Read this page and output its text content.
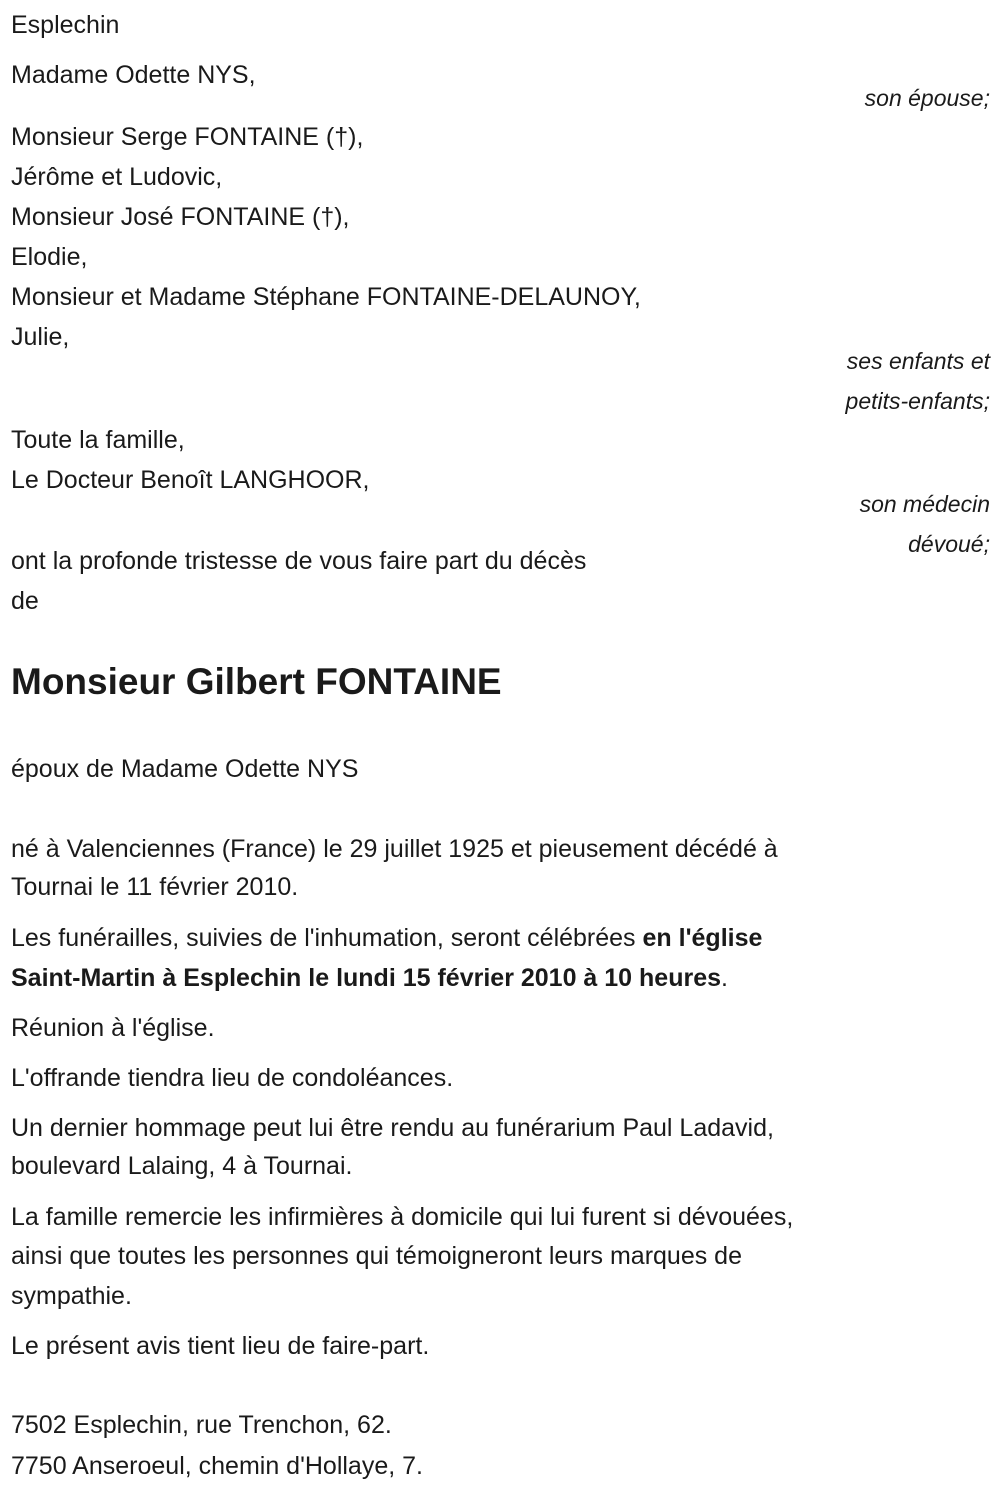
Esplechin
Madame Odette NYS,
son épouse;
Monsieur Serge FONTAINE (†),
Jérôme et Ludovic,
Monsieur José FONTAINE (†),
Elodie,
Monsieur et Madame Stéphane FONTAINE-DELAUNOY,
Julie,
ses enfants et
petits-enfants;
Toute la famille,
Le Docteur Benoît LANGHOOR,
son médecin
dévoué;
ont la profonde tristesse de vous faire part du décès
de
Monsieur Gilbert FONTAINE
époux de Madame Odette NYS
né à Valenciennes (France) le 29 juillet 1925 et pieusement décédé à
Tournai le 11 février 2010.
Les funérailles, suivies de l'inhumation, seront célébrées en l'église
Saint-Martin à Esplechin le lundi 15 février 2010 à 10 heures.
Réunion à l'église.
L'offrande tiendra lieu de condoléances.
Un dernier hommage peut lui être rendu au funérarium Paul Ladavid,
boulevard Lalaing, 4 à Tournai.
La famille remercie les infirmières à domicile qui lui furent si dévouées,
ainsi que toutes les personnes qui témoigneront leurs marques de
sympathie.
Le présent avis tient lieu de faire-part.
7502 Esplechin, rue Trenchon, 62.
7750 Anseroeul, chemin d'Hollaye, 7.
